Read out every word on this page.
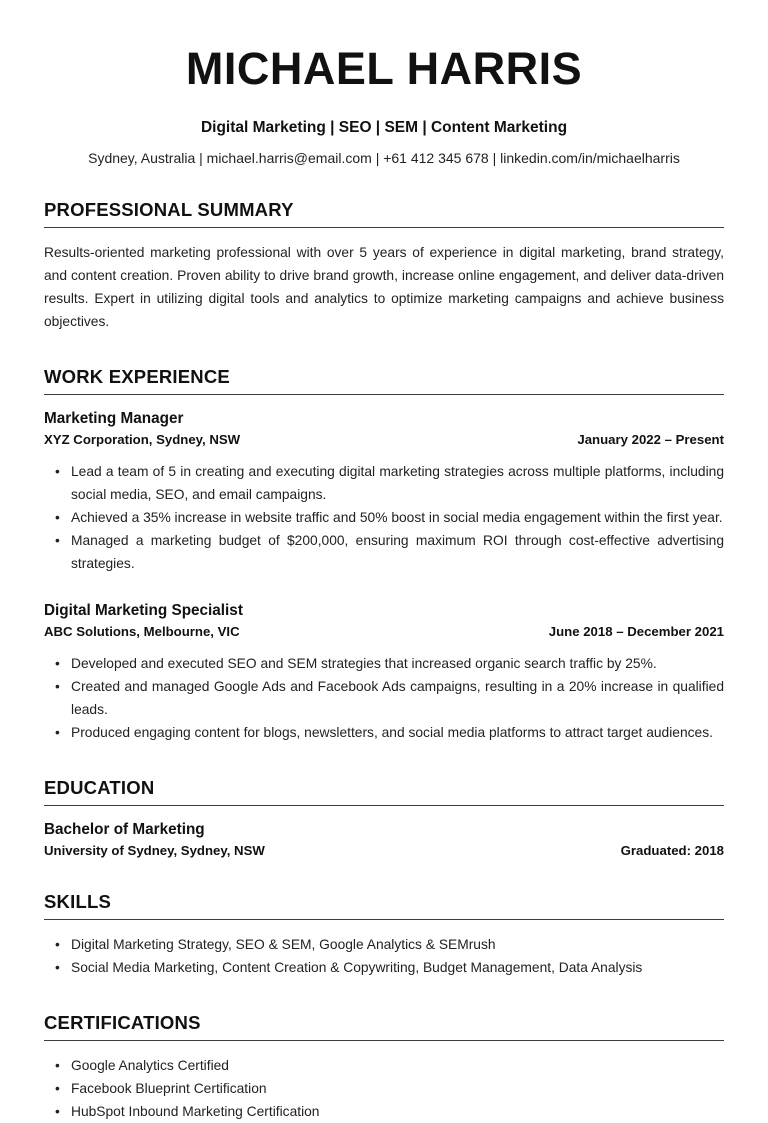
MICHAEL HARRIS

Digital Marketing | SEO | SEM | Content Marketing

Sydney, Australia | michael.harris@email.com | +61 412 345 678 | linkedin.com/in/michaelharris

PROFESSIONAL SUMMARY

Results-oriented marketing professional with over 5 years of experience in digital marketing, brand strategy, and content creation. Proven ability to drive brand growth, increase online engagement, and deliver data-driven results. Expert in utilizing digital tools and analytics to optimize marketing campaigns and achieve business objectives.

WORK EXPERIENCE
Marketing Manager
XYZ Corporation, Sydney, NSW	January 2022 – Present
• Lead a team of 5 in creating and executing digital marketing strategies across multiple platforms, including social media, SEO, and email campaigns.
• Achieved a 35% increase in website traffic and 50% boost in social media engagement within the first year.
• Managed a marketing budget of $200,000, ensuring maximum ROI through cost-effective advertising strategies.
Digital Marketing Specialist
ABC Solutions, Melbourne, VIC	June 2018 – December 2021
• Developed and executed SEO and SEM strategies that increased organic search traffic by 25%.
• Created and managed Google Ads and Facebook Ads campaigns, resulting in a 20% increase in qualified leads.
• Produced engaging content for blogs, newsletters, and social media platforms to attract target audiences.
EDUCATION
Bachelor of Marketing
University of Sydney, Sydney, NSW	Graduated: 2018
SKILLS
• Digital Marketing Strategy, SEO & SEM, Google Analytics & SEMrush
• Social Media Marketing, Content Creation & Copywriting, Budget Management, Data Analysis
CERTIFICATIONS
• Google Analytics Certified
• Facebook Blueprint Certification
• HubSpot Inbound Marketing Certification
